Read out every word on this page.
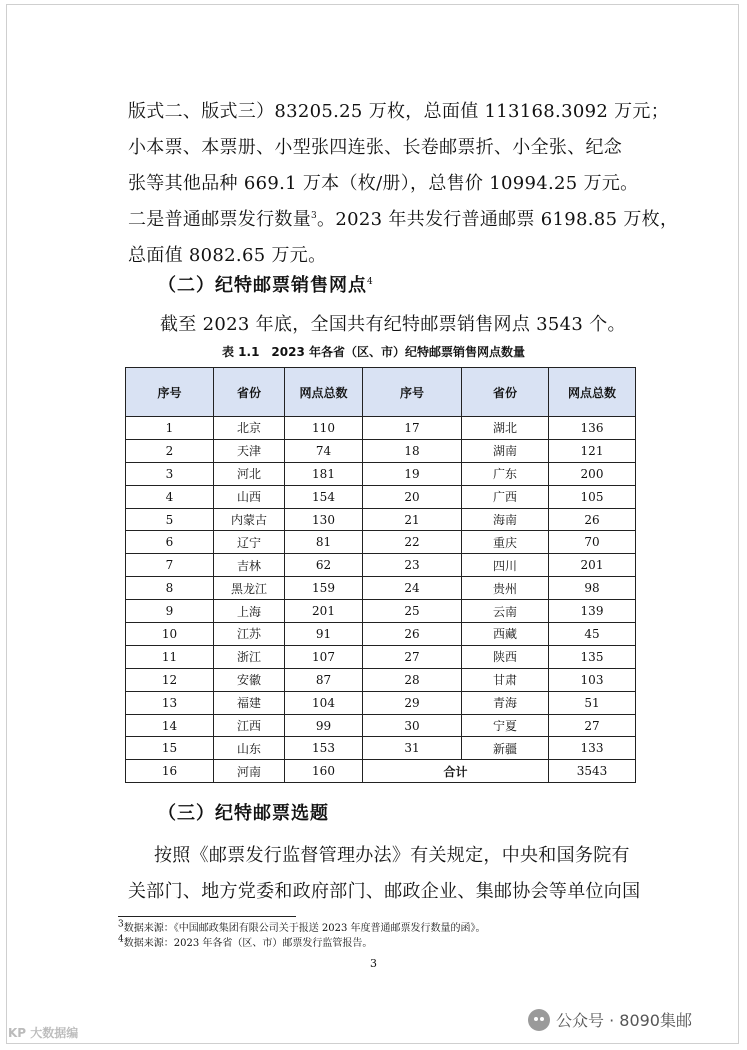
版式二、版式三）83205.25 万枚，总面值 113168.3092 万元；

小本票、本票册、小型张四连张、长卷邮票折、小全张、纪念

张等其他品种 669.1 万本（枚/册），总售价 10994.25 万元。

二是普通邮票发行数量$^3$。2023 年共发行普通邮票 6198.85 万枚，

总面值 8082.65 万元。

（二）纪特邮票销售网点$^4$

截至 2023 年底，全国共有纪特邮票销售网点 3543 个。

表 1.1　2023 年各省（区、市）纪特邮票销售网点数量
序号	省份	网点总数	序号	省份	网点总数
1	北京	110	17	湖北	136
2	天津	74	18	湖南	121
3	河北	181	19	广东	200
4	山西	154	20	广西	105
5	内蒙古	130	21	海南	26
6	辽宁	81	22	重庆	70
7	吉林	62	23	四川	201
8	黑龙江	159	24	贵州	98
9	上海	201	25	云南	139
10	江苏	91	26	西藏	45
11	浙江	107	27	陕西	135
12	安徽	87	28	甘肃	103
13	福建	104	29	青海	51
14	江西	99	30	宁夏	27
15	山东	153	31	新疆	133
16	河南	160	合计		3543
（三）纪特邮票选题

按照《邮票发行监督管理办法》有关规定，中央和国务院有

关部门、地方党委和政府部门、邮政企业、集邮协会等单位向国

$^3$数据来源：《中国邮政集团有限公司关于报送 2023 年度普通邮票发行数量的函》。
$^4$数据来源：2023 年各省（区、市）邮票发行监管报告。
3
公众号 · 8090集邮
KP 大数据编
